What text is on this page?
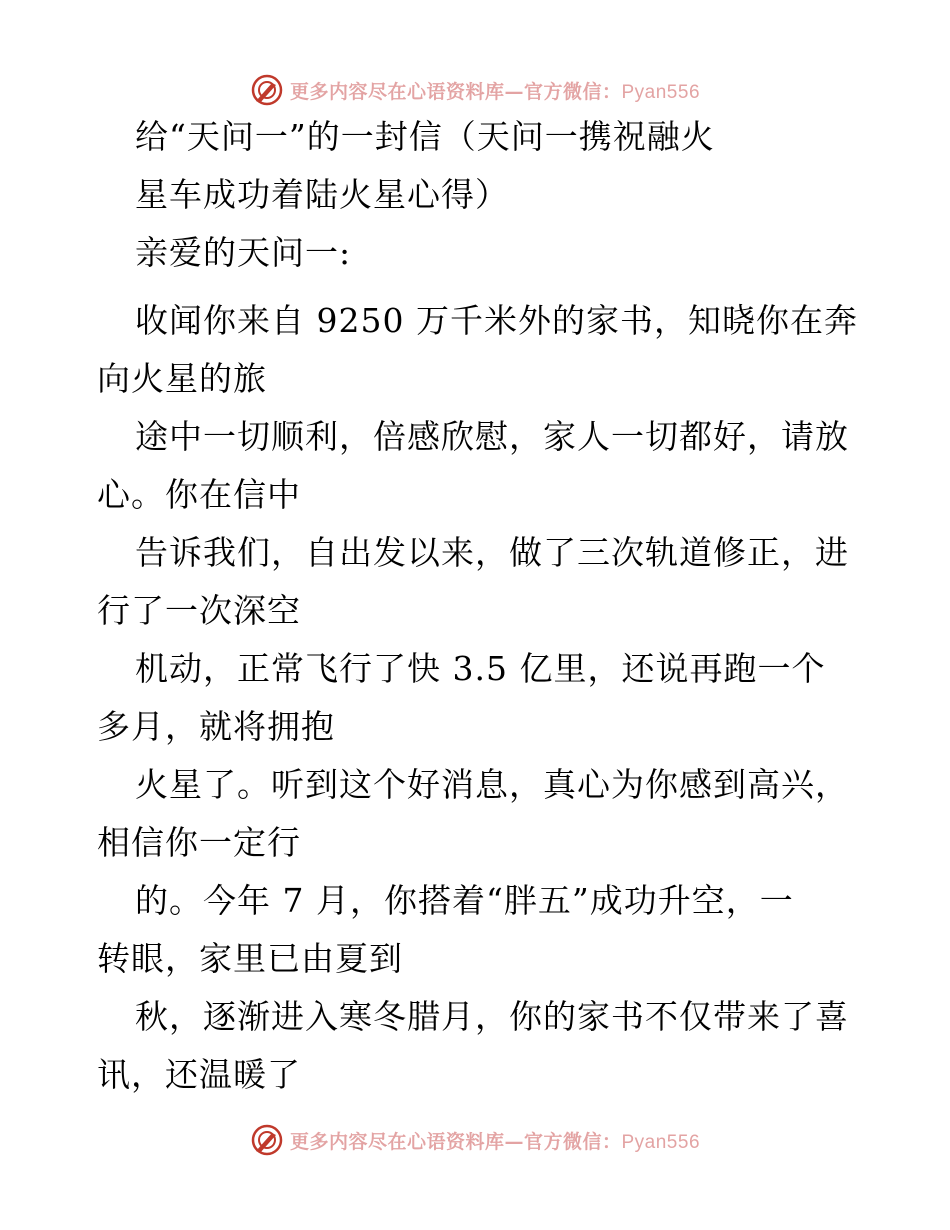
更多内容尽在心语资料库—官方微信：Pyan556
给“天问一”的一封信（天问一携祝融火
星车成功着陆火星心得）
亲爱的天问一:
收闻你来自 9250 万千米外的家书，知晓你在奔
向火星的旅
途中一切顺利，倍感欣慰，家人一切都好，请放
心。你在信中
告诉我们，自出发以来，做了三次轨道修正，进
行了一次深空
机动，正常飞行了快 3.5 亿里，还说再跑一个
多月，就将拥抱
火星了。听到这个好消息，真心为你感到高兴，
相信你一定行
的。今年 7 月，你搭着“胖五”成功升空，一
转眼，家里已由夏到
秋，逐渐进入寒冬腊月，你的家书不仅带来了喜
讯，还温暖了
更多内容尽在心语资料库—官方微信：Pyan556
